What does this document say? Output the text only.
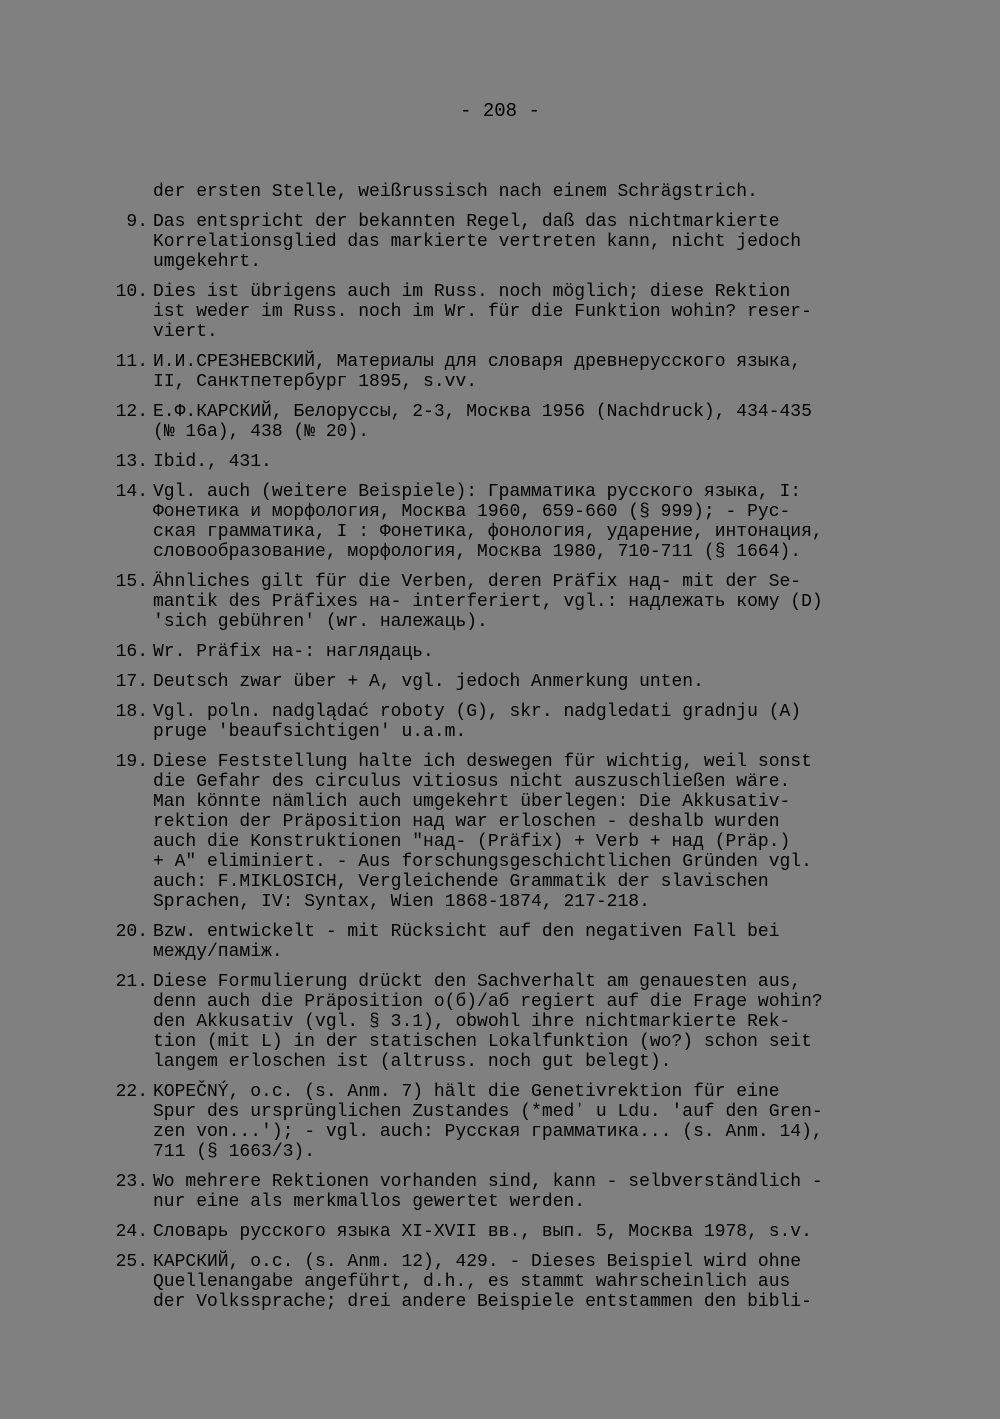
- 208 -
der ersten Stelle, weißrussisch nach einem Schrägstrich.
9. Das entspricht der bekannten Regel, daß das nichtmarkierte
Korrelationsglied das markierte vertreten kann, nicht jedoch
umgekehrt.
10. Dies ist übrigens auch im Russ. noch möglich; diese Rektion
ist weder im Russ. noch im Wr. für die Funktion wohin? reser-
viert.
11. И.И.СРЕЗНЕВСКИЙ, Материалы для словаря древнерусского языка,
II, Санктпетербург 1895, s.vv.
12. Е.Ф.КАРСКИЙ, Белоруссы, 2-3, Москва 1956 (Nachdruck), 434-435
(№ 16а), 438 (№ 20).
13. Ibid., 431.
14. Vgl. auch (weitere Beispiele): Грамматика русского языка, I:
Фонетика и морфология, Москва 1960, 659-660 (§ 999); - Рус-
ская грамматика, I : Фонетика, фонология, ударение, интонация,
словообразование, морфология, Москва 1980, 710-711 (§ 1664).
15. Ähnliches gilt für die Verben, deren Präfix над- mit der Se-
mantik des Präfixes на- interferiert, vgl.: надлежать кому (D)
'sich gebühren' (wr. належаць).
16. Wr. Präfix на-: наглядаць.
17. Deutsch zwar über + A, vgl. jedoch Anmerkung unten.
18. Vgl. poln. nadglądać roboty (G), skr. nadgledati gradnju (A)
pruge 'beaufsichtigen' u.a.m.
19. Diese Feststellung halte ich deswegen für wichtig, weil sonst
die Gefahr des circulus vitiosus nicht auszuschließen wäre.
Man könnte nämlich auch umgekehrt überlegen: Die Akkusativ-
rektion der Präposition над war erloschen - deshalb wurden
auch die Konstruktionen "над- (Präfix) + Verb + над (Präp.)
+ A" eliminiert. - Aus forschungsgeschichtlichen Gründen vgl.
auch: F.MIKLOSICH, Vergleichende Grammatik der slavischen
Sprachen, IV: Syntax, Wien 1868-1874, 217-218.
20. Bzw. entwickelt - mit Rücksicht auf den negativen Fall bei
между/паміж.
21. Diese Formulierung drückt den Sachverhalt am genauesten aus,
denn auch die Präposition о(б)/аб regiert auf die Frage wohin?
den Akkusativ (vgl. § 3.1), obwohl ihre nichtmarkierte Rek-
tion (mit L) in der statischen Lokalfunktion (wo?) schon seit
langem erloschen ist (altruss. noch gut belegt).
22. KOPEČNÝ, o.c. (s. Anm. 7) hält die Genetivrektion für eine
Spur des ursprünglichen Zustandes (*medʼ u Ldu. 'auf den Gren-
zen von...'); - vgl. auch: Русская грамматика... (s. Anm. 14),
711 (§ 1663/3).
23. Wo mehrere Rektionen vorhanden sind, kann - selbverständlich -
nur eine als merkmallos gewertet werden.
24. Словарь русского языка XI-XVII вв., вып. 5, Москва 1978, s.v.
25. КАРСКИЙ, o.c. (s. Anm. 12), 429. - Dieses Beispiel wird ohne
Quellenangabe angeführt, d.h., es stammt wahrscheinlich aus
der Volkssprache; drei andere Beispiele entstammen den bibli-
